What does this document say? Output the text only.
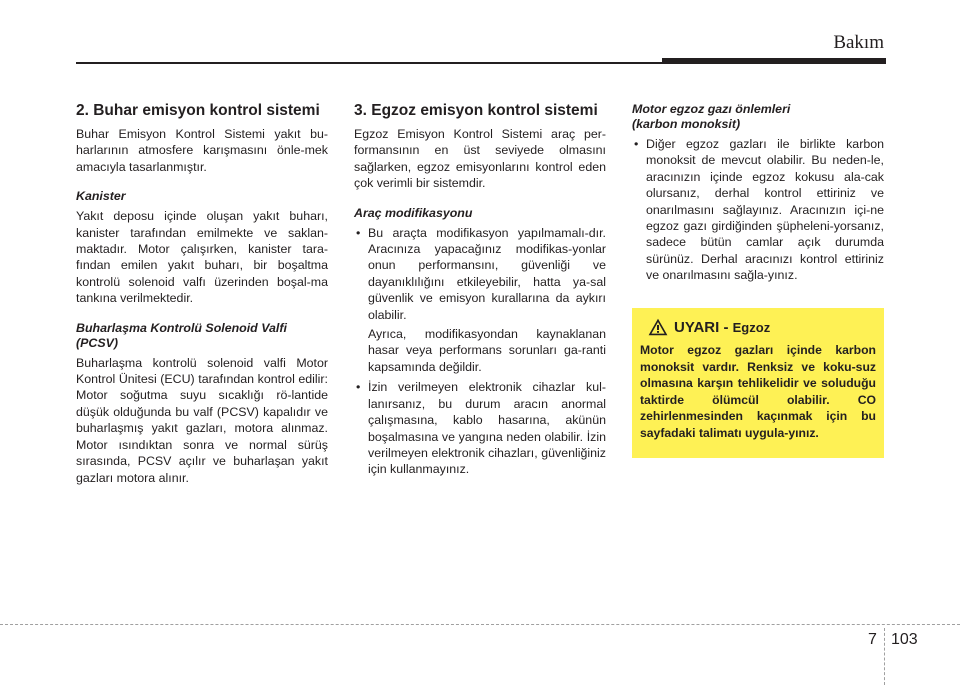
Bakım
2. Buhar emisyon kontrol sistemi

Buhar Emisyon Kontrol Sistemi yakıt bu-harlarının atmosfere karışmasını önle-mek amacıyla tasarlanmıştır.

Kanister

Yakıt deposu içinde oluşan yakıt buharı, kanister tarafından emilmekte ve saklan-maktadır. Motor çalışırken, kanister tara-fından emilen yakıt buharı, bir boşaltma kontrolü solenoid valfı üzerinden boşal-ma tankına verilmektedir.

Buharlaşma Kontrolü Solenoid Valfi
(PCSV)

Buharlaşma kontrolü solenoid valfi Motor Kontrol Ünitesi (ECU) tarafından kontrol edilir: Motor soğutma suyu sıcaklığı rö-lantide düşük olduğunda bu valf (PCSV) kapalıdır ve buharlaşmış yakıt gazları, motora alınmaz. Motor ısındıktan sonra ve normal sürüş sırasında, PCSV açılır ve buharlaşan yakıt gazları motora alınır.

3. Egzoz emisyon kontrol sistemi

Egzoz Emisyon Kontrol Sistemi araç per-formansının en üst seviyede olmasını sağlarken, egzoz emisyonlarını kontrol eden çok verimli bir sistemdir.

Araç modifikasyonu
• Bu araçta modifikasyon yapılmamalı-dır. Aracınıza yapacağınız modifikas-yonlar onun performansını, güvenliği ve dayanıklılığını etkileyebilir, hatta ya-sal güvenlik ve emisyon kurallarına da aykırı olabilir.

Ayrıca, modifikasyondan kaynaklanan hasar veya performans sorunları ga-ranti kapsamında değildir.

• İzin verilmeyen elektronik cihazlar kul-lanırsanız, bu durum aracın anormal çalışmasına, kablo hasarına, akünün boşalmasına ve yangına neden olabilir. İzin verilmeyen elektronik cihazları, güvenliğiniz için kullanmayınız.

Motor egzoz gazı önlemleri
(karbon monoksit)
• Diğer egzoz gazları ile birlikte karbon monoksit de mevcut olabilir. Bu neden-le, aracınızın içinde egzoz kokusu ala-cak olursanız, derhal kontrol ettiriniz ve onarılmasını sağlayınız. Aracınızın içi-ne egzoz gazı girdiğinden şüpheleni-yorsanız, sadece bütün camlar açık durumda sürünüz. Derhal aracınızı kontrol ettiriniz ve onarılmasını sağla-yınız.

UYARI - Egzoz

Motor egzoz gazları içinde karbon monoksit vardır. Renksiz ve koku-suz olmasına karşın tehlikelidir ve soluduğu taktirde ölümcül olabilir. CO zehirlenmesinden kaçınmak için bu sayfadaki talimatı uygula-yınız.

7 103
